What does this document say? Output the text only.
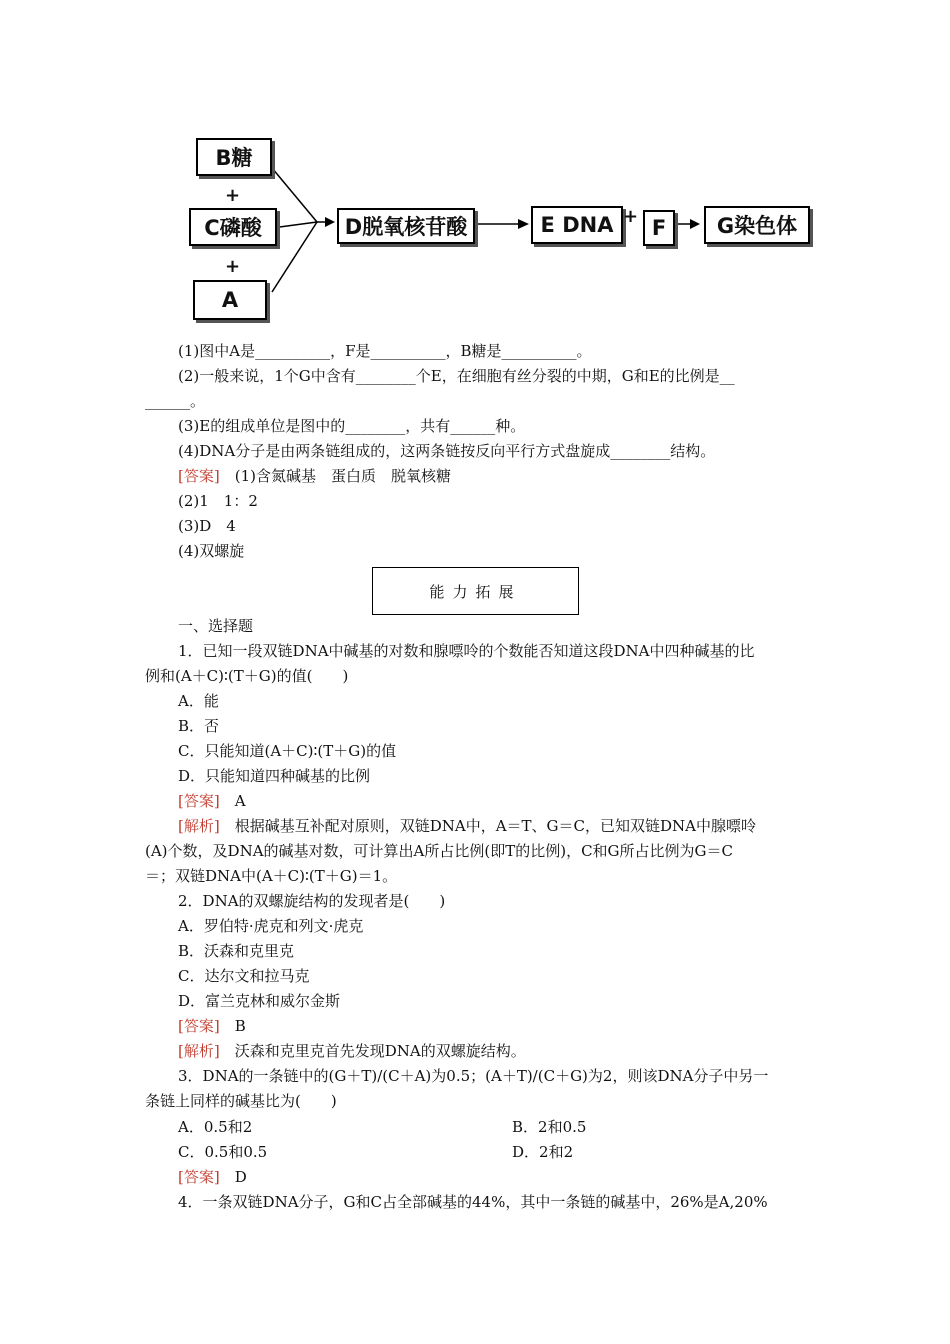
B糖
+
C磷酸
+
A
D脱氧核苷酸	E DNA + F	G染色体
(1)图中A是__________，F是__________，B糖是__________。
(2)一般来说，1个G中含有________个E，在细胞有丝分裂的中期，G和E的比例是__
______。
(3)E的组成单位是图中的________，共有______种。
(4)DNA分子是由两条链组成的，这两条链按反向平行方式盘旋成________结构。
[答案]　 (1)含氮碱基　蛋白质　脱氧核糖
(2)1　1：2
(3)D　4
(4)双螺旋
能力拓展
一、选择题
1．已知一段双链DNA中碱基的对数和腺嘌呤的个数能否知道这段DNA中四种碱基的比
例和(A＋C)∶(T＋G)的值(　　)
A．能
B．否
C．只能知道(A＋C)∶(T＋G)的值
D．只能知道四种碱基的比例
[答案]　 A
[解析]　 根据碱基互补配对原则，双链DNA中，A＝T、G＝C，已知双链DNA中腺嘌呤
(A)个数，及DNA的碱基对数，可计算出A所占比例(即T的比例)，C和G所占比例为G＝C
＝；双链DNA中(A＋C)∶(T＋G)＝1。
2．DNA的双螺旋结构的发现者是(　　)
A．罗伯特·虎克和列文·虎克
B．沃森和克里克
C．达尔文和拉马克
D．富兰克林和威尔金斯
[答案]　 B
[解析]　 沃森和克里克首先发现DNA的双螺旋结构。
3．DNA的一条链中的(G＋T)/(C＋A)为0.5；(A＋T)/(C＋G)为2，则该DNA分子中另一
条链上同样的碱基比为(　　)
A．0.5和2	B．2和0.5
C．0.5和0.5	D．2和2
[答案]　 D
4．一条双链DNA分子，G和C占全部碱基的44%，其中一条链的碱基中，26%是A,20%
